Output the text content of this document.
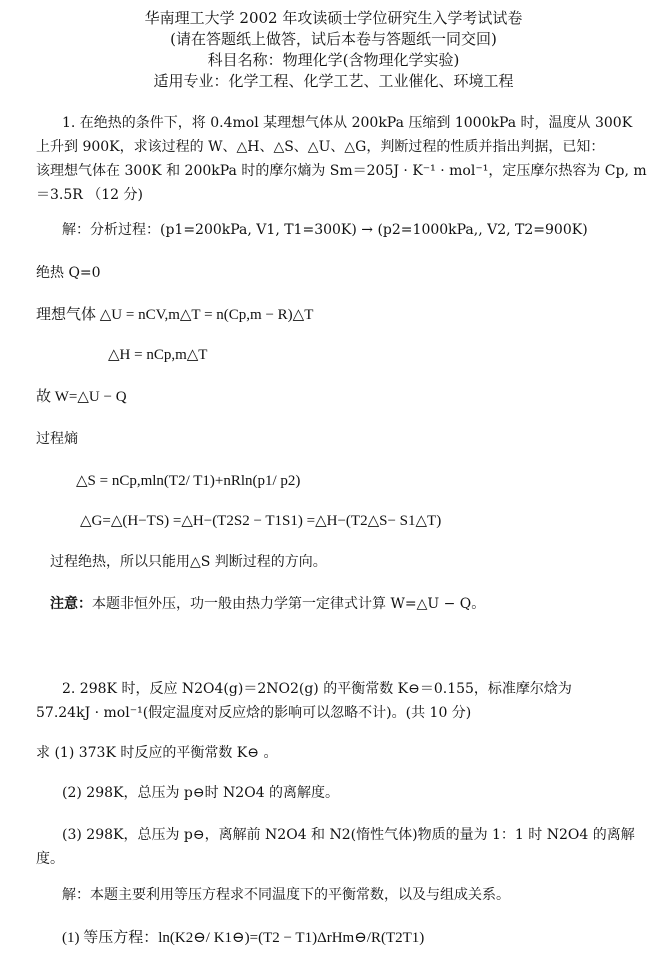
华南理工大学 2002 年攻读硕士学位研究生入学考试试卷
(请在答题纸上做答，试后本卷与答题纸一同交回)
科目名称：物理化学(含物理化学实验)
适用专业：化学工程、化学工艺、工业催化、环境工程
1. 在绝热的条件下，将 0.4mol 某理想气体从 200kPa 压缩到 1000kPa 时，温度从 300K
上升到 900K，求该过程的 W、△H、△S、△U、△G，判断过程的性质并指出判据，已知：
该理想气体在 300K 和 200kPa 时的摩尔熵为 Sm＝205J · K⁻¹ · mol⁻¹，定压摩尔热容为 Cp, m
＝3.5R （12 分)
解：分析过程：(p1=200kPa, V1, T1=300K) → (p2=1000kPa,, V2, T2=900K)
绝热 Q=0
理想气体 △U = nCV,m△T = n(Cp,m − R)△T
△H = nCp,m△T
故 W=△U − Q
过程熵
△S = nCp,mln(T2/ T1)+nRln(p1/ p2)
△G=△(H−TS) =△H−(T2S2 − T1S1) =△H−(T2△S− S1△T)
过程绝热，所以只能用△S 判断过程的方向。
注意：本题非恒外压，功一般由热力学第一定律式计算 W=△U − Q。
2. 298K 时，反应 N2O4(g)＝2NO2(g) 的平衡常数 K⊖＝0.155，标准摩尔焓为
57.24kJ · mol⁻¹(假定温度对反应焓的影响可以忽略不计)。(共 10 分)
求 (1) 373K 时反应的平衡常数 K⊖ 。
(2) 298K，总压为 p⊖时 N2O4 的离解度。
(3) 298K，总压为 p⊖，离解前 N2O4 和 N2(惰性气体)物质的量为 1：1 时 N2O4 的离解
度。
解：本题主要利用等压方程求不同温度下的平衡常数，以及与组成关系。
(1) 等压方程：ln(K2⊖/ K1⊖)=(T2 − T1)ΔrHm⊖/R(T2T1)
